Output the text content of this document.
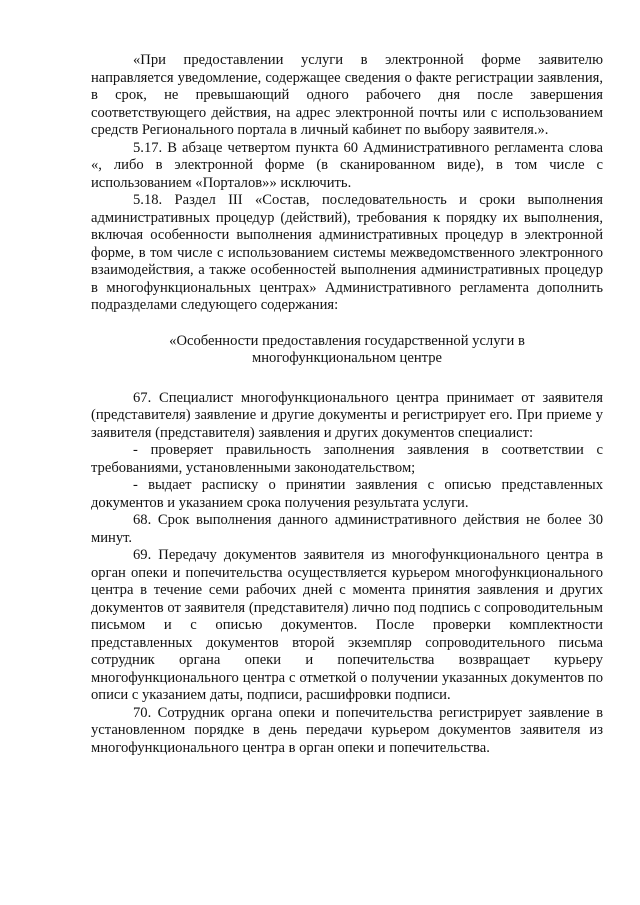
«При предоставлении услуги в электронной форме заявителю направляется уведомление, содержащее сведения о факте регистрации заявления, в срок, не превышающий одного рабочего дня после завершения соответствующего действия, на адрес электронной почты или с использованием средств Регионального портала в личный кабинет по выбору заявителя.».

5.17. В абзаце четвертом пункта 60 Административного регламента слова «, либо в электронной форме (в сканированном виде), в том числе с использованием «Порталов»» исключить.

5.18. Раздел III «Состав, последовательность и сроки выполнения административных процедур (действий), требования к порядку их выполнения, включая особенности выполнения административных процедур в электронной форме, в том числе с использованием системы межведомственного электронного взаимодействия, а также особенностей выполнения административных процедур в многофункциональных центрах» Административного регламента дополнить подразделами следующего содержания:

«Особенности предоставления государственной услуги в
многофункциональном центре

67. Специалист многофункционального центра принимает от заявителя (представителя) заявление и другие документы и регистрирует его. При приеме у заявителя (представителя) заявления и других документов специалист:

- проверяет правильность заполнения заявления в соответствии с требованиями, установленными законодательством;

- выдает расписку о принятии заявления с описью представленных документов и указанием срока получения результата услуги.

68. Срок выполнения данного административного действия не более 30 минут.

69. Передачу документов заявителя из многофункционального центра в орган опеки и попечительства осуществляется курьером многофункционального центра в течение семи рабочих дней с момента принятия заявления и других документов от заявителя (представителя) лично под подпись с сопроводительным письмом и с описью документов. После проверки комплектности представленных документов второй экземпляр сопроводительного письма сотрудник органа опеки и попечительства возвращает курьеру многофункционального центра с отметкой о получении указанных документов по описи с указанием даты, подписи, расшифровки подписи.

70. Сотрудник органа опеки и попечительства регистрирует заявление в установленном порядке в день передачи курьером документов заявителя из многофункционального центра в орган опеки и попечительства.
